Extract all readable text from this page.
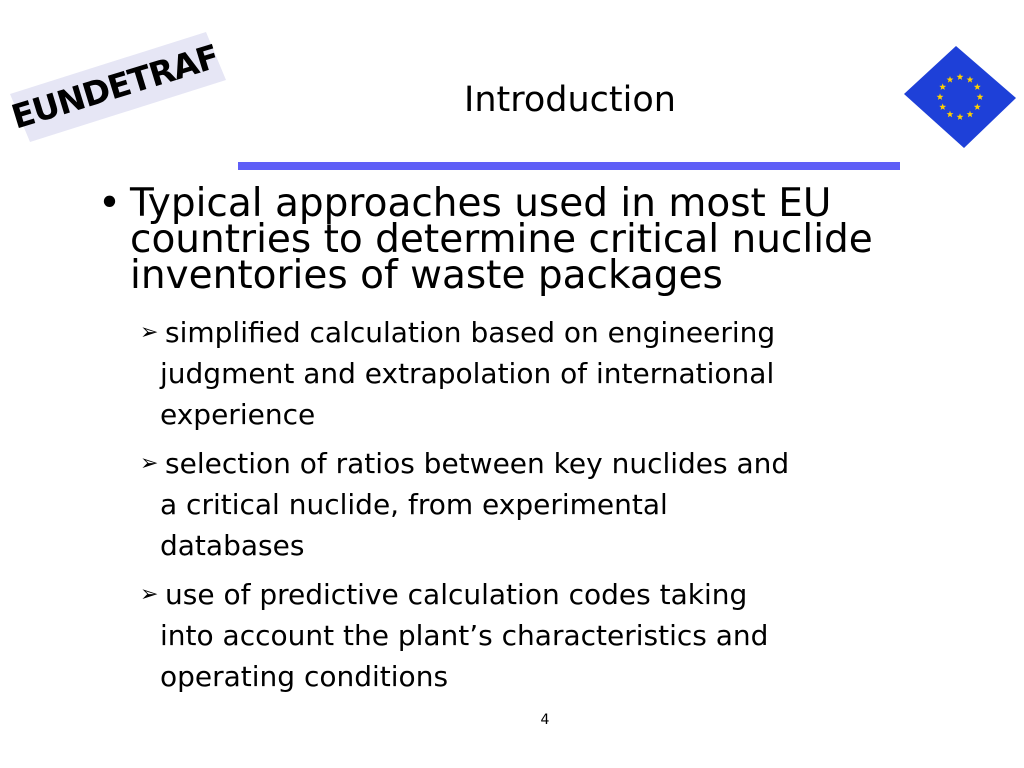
EUNDETRAF	Introduction
• Typical approaches used in most EU
countries to determine critical nuclide
inventories of waste packages
➢ simplified calculation based on engineering
judgment and extrapolation of international
experience
➢ selection of ratios between key nuclides and
a critical nuclide, from experimental
databases
➢ use of predictive calculation codes taking
into account the plant’s characteristics and
operating conditions
4
